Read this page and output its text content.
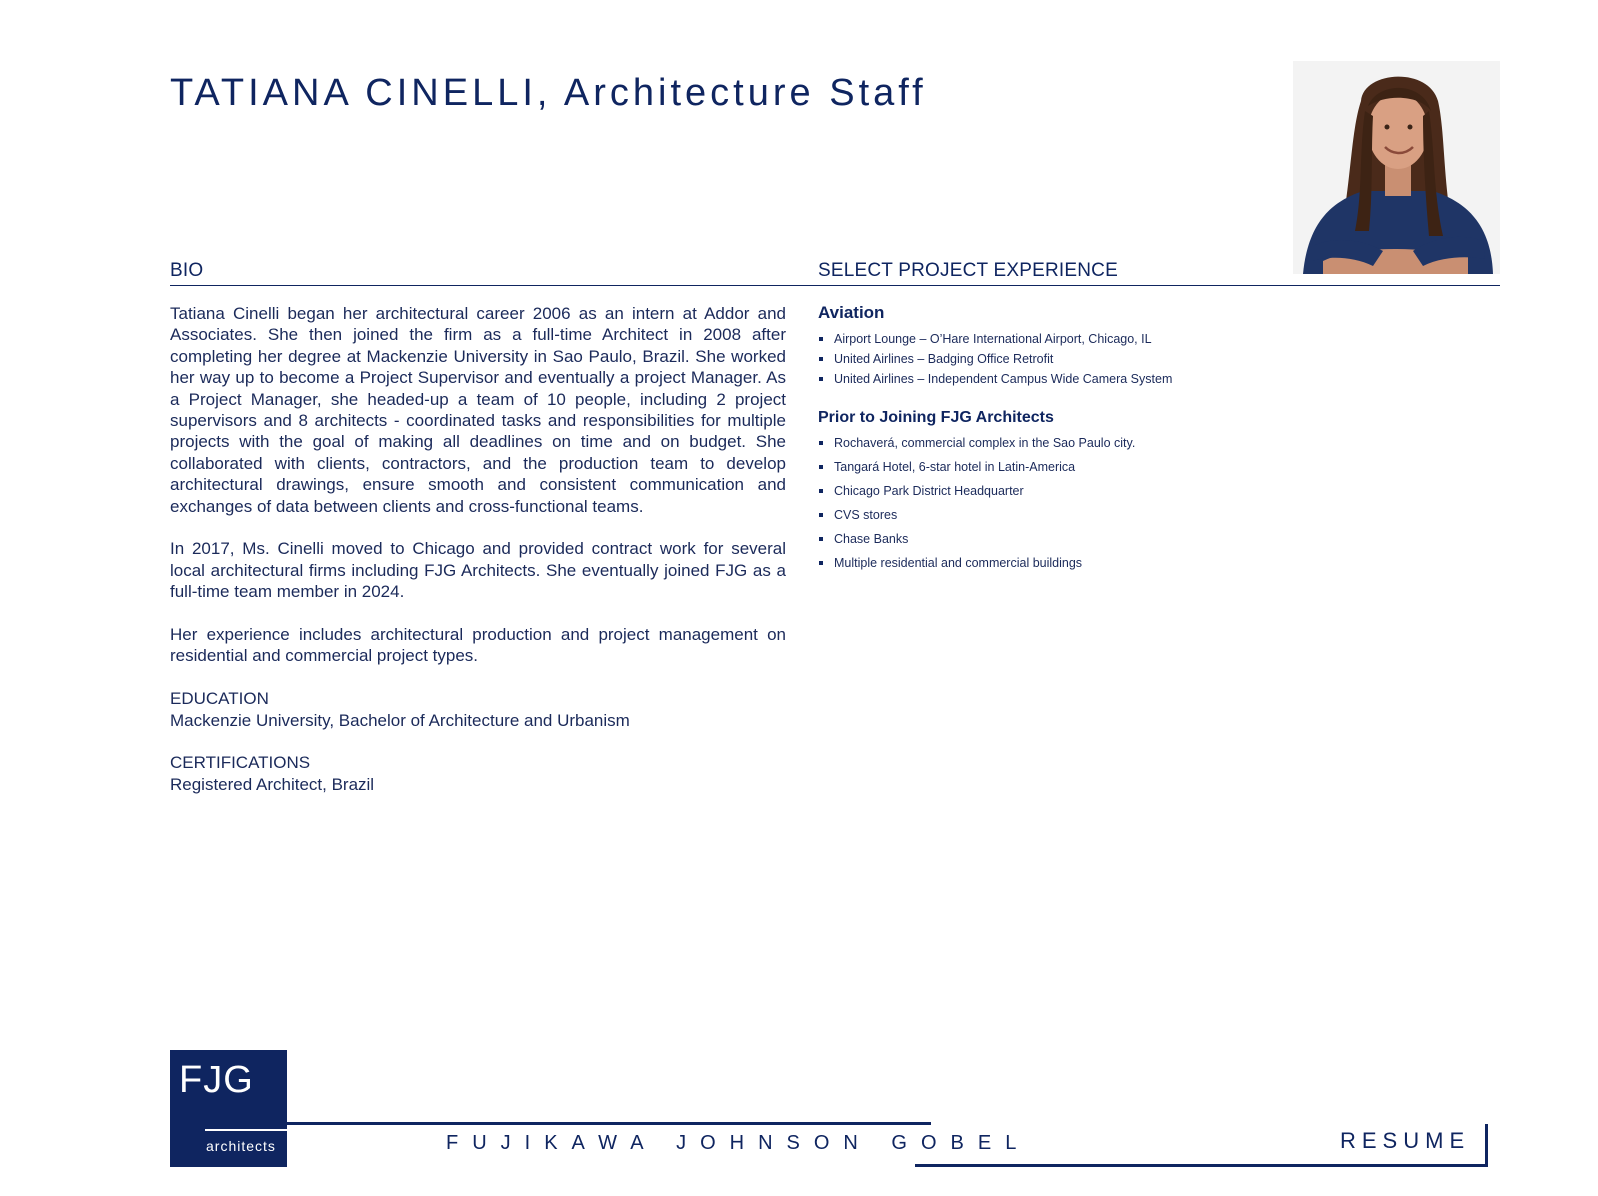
TATIANA CINELLI, Architecture Staff
BIO	SELECT PROJECT EXPERIENCE

Tatiana Cinelli began her architectural career 2006 as an intern at Addor and Associates. She then joined the firm as a full-time Architect in 2008 after completing her degree at Mackenzie University in Sao Paulo, Brazil. She worked her way up to become a Project Supervisor and eventually a project Manager. As a Project Manager, she headed-up a team of 10 people, including 2 project supervisors and 8 architects - coordinated tasks and responsibilities for multiple projects with the goal of making all deadlines on time and on budget. She collaborated with clients, contractors, and the production team to develop architectural drawings, ensure smooth and consistent communication and exchanges of data between clients and cross-functional teams.

In 2017, Ms. Cinelli moved to Chicago and provided contract work for several local architectural firms including FJG Architects. She eventually joined FJG as a full-time team member in 2024.

Her experience includes architectural production and project management on residential and commercial project types.

EDUCATION
Mackenzie University, Bachelor of Architecture and Urbanism
CERTIFICATIONS
Registered Architect, Brazil
Aviation
Airport Lounge – O’Hare International Airport, Chicago, IL
United Airlines – Badging Office Retrofit
United Airlines – Independent Campus Wide Camera System
Prior to Joining FJG Architects
Rochaverá, commercial complex in the Sao Paulo city.
Tangará Hotel, 6-star hotel in Latin-America
Chicago Park District Headquarter
CVS stores
Chase Banks
Multiple residential and commercial buildings
FJG
architects	FUJIKAWA JOHNSON GOBEL	RESUME
